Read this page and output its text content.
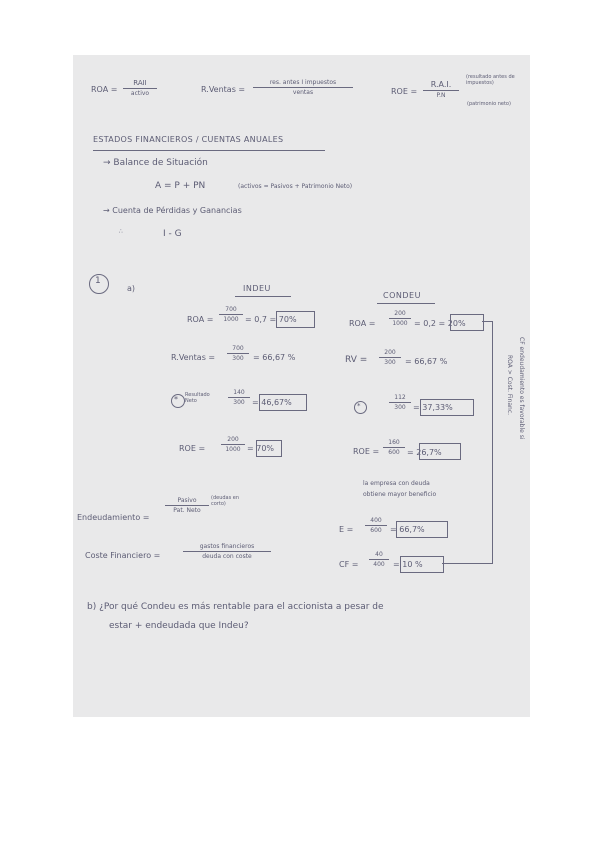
ROA =
RAII
activo	R.Ventas =
res. antes I impuestos
ventas	ROE =
R.A.I.
P.N
(resultado antes de impuestos)
(patrimonio neto)
ESTADOS FINANCIEROS / CUENTAS ANUALES
→ Balance de Situación
A = P + PN	(activos = Pasivos + Patrimonio Neto)
→ Cuenta de Pérdidas y Ganancias
∴	I - G
1
a)	INDEU
CONDEU
ROA = $\frac{700}{1000} = 0,7 = 70\%$
R.Ventas = $\frac{700}{300} = 66,67$ %
* Resultado Neto	$\frac{140}{300} = 46,67\%$
ROE =	$\frac{200}{1000} = 70\%$
ROA = $\frac{200}{1000} = 0,2 = 20\%$
RV = $\frac{200}{300} = 66,67$ %
*	$\frac{112}{300} = 37,33\%$
ROE = $\frac{160}{600} = 26,7\%$
la empresa con deuda
obtiene mayor beneficio
$E = \frac{400}{600} = 66,7\%$
CF = $\frac{40}{400} = 10$ %
CF endeudamiento es favorable si
ROA > Cost. Financ.
Endeudamiento =
Pasivo
Pat. Neto
(deudas en corto)
Coste Financiero =
gastos financieros
deuda con coste
b) ¿Por qué Condeu es más rentable para el accionista a pesar de
estar + endeudada que Indeu?
